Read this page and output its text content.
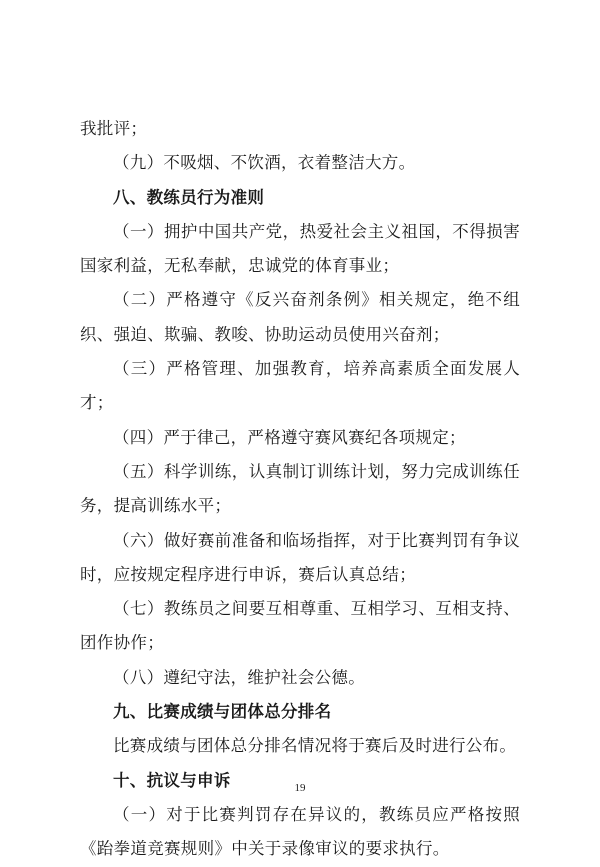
我批评；

（九）不吸烟、不饮酒，衣着整洁大方。

八、教练员行为准则

（一）拥护中国共产党，热爱社会主义祖国，不得损害国家利益，无私奉献，忠诚党的体育事业；

（二）严格遵守《反兴奋剂条例》相关规定，绝不组织、强迫、欺骗、教唆、协助运动员使用兴奋剂；

（三）严格管理、加强教育，培养高素质全面发展人才；

（四）严于律己，严格遵守赛风赛纪各项规定；

（五）科学训练，认真制订训练计划，努力完成训练任务，提高训练水平；

（六）做好赛前准备和临场指挥，对于比赛判罚有争议时，应按规定程序进行申诉，赛后认真总结；

（七）教练员之间要互相尊重、互相学习、互相支持、团作协作；

（八）遵纪守法，维护社会公德。

九、比赛成绩与团体总分排名

比赛成绩与团体总分排名情况将于赛后及时进行公布。

十、抗议与申诉

（一）对于比赛判罚存在异议的，教练员应严格按照《跆拳道竞赛规则》中关于录像审议的要求执行。

19
